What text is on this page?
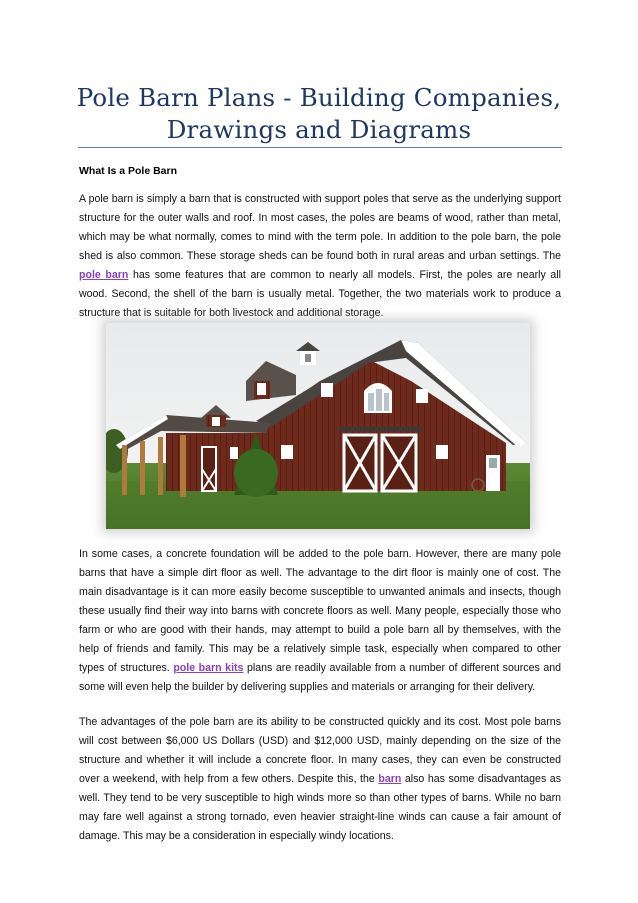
Pole Barn Plans - Building Companies,
Drawings and Diagrams
What Is a Pole Barn
A pole barn is simply a barn that is constructed with support poles that serve as the underlying support structure for the outer walls and roof. In most cases, the poles are beams of wood, rather than metal, which may be what normally, comes to mind with the term pole. In addition to the pole barn, the pole shed is also common. These storage sheds can be found both in rural areas and urban settings. The pole barn has some features that are common to nearly all models. First, the poles are nearly all wood. Second, the shell of the barn is usually metal. Together, the two materials work to produce a structure that is suitable for both livestock and additional storage.
In some cases, a concrete foundation will be added to the pole barn. However, there are many pole barns that have a simple dirt floor as well. The advantage to the dirt floor is mainly one of cost. The main disadvantage is it can more easily become susceptible to unwanted animals and insects, though these usually find their way into barns with concrete floors as well. Many people, especially those who farm or who are good with their hands, may attempt to build a pole barn all by themselves, with the help of friends and family. This may be a relatively simple task, especially when compared to other types of structures. pole barn kits plans are readily available from a number of different sources and some will even help the builder by delivering supplies and materials or arranging for their delivery.
The advantages of the pole barn are its ability to be constructed quickly and its cost. Most pole barns will cost between $6,000 US Dollars (USD) and $12,000 USD, mainly depending on the size of the structure and whether it will include a concrete floor. In many cases, they can even be constructed over a weekend, with help from a few others. Despite this, the barn also has some disadvantages as well. They tend to be very susceptible to high winds more so than other types of barns. While no barn may fare well against a strong tornado, even heavier straight-line winds can cause a fair amount of damage. This may be a consideration in especially windy locations.
